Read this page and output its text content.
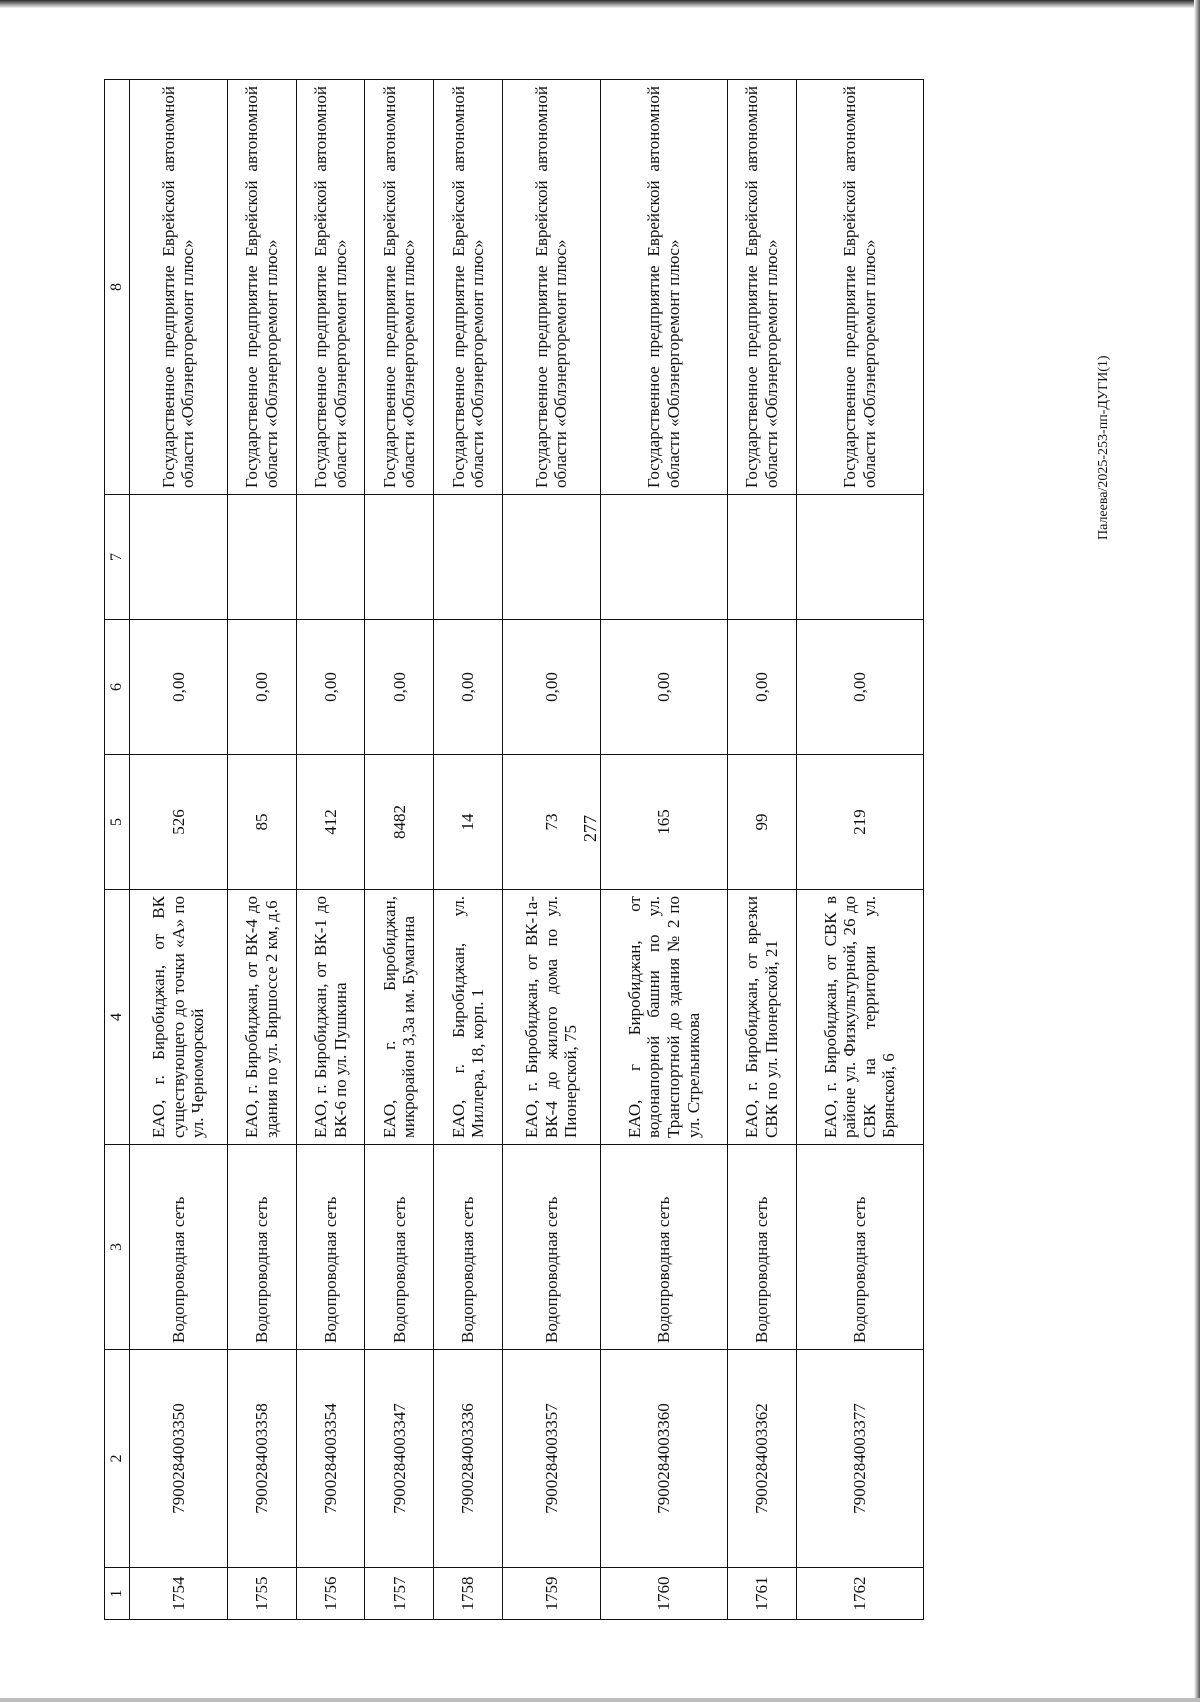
277
Палеева/2025-253-пп-ДУГИ(1)
1	2	3	4	5	6	7	8
1754	7900284003350	Водопроводная сеть	ЕАО, г. Биробиджан, от ВК существующего до точки «А» по ул. Черноморской	526	0,00		Государственное предприятие Еврейской автономной области «Облэнергоремонт плюс»
1755	7900284003358	Водопроводная сеть	ЕАО, г. Биробиджан, от ВК-4 до здания по ул. Биршоссе 2 км, д.6	85	0,00		Государственное предприятие Еврейской автономной области «Облэнергоремонт плюс»
1756	7900284003354	Водопроводная сеть	ЕАО, г. Биробиджан, от ВК-1 до ВК-6 по ул. Пушкина	412	0,00		Государственное предприятие Еврейской автономной области «Облэнергоремонт плюс»
1757	7900284003347	Водопроводная сеть	ЕАО, г. Биробиджан, микрорайон 3,3а им. Бумагина	8482	0,00		Государственное предприятие Еврейской автономной области «Облэнергоремонт плюс»
1758	7900284003336	Водопроводная сеть	ЕАО, г. Биробиджан, ул. Миллера, 18, корп. 1	14	0,00		Государственное предприятие Еврейской автономной области «Облэнергоремонт плюс»
1759	7900284003357	Водопроводная сеть	ЕАО, г. Биробиджан, от ВК-1а-ВК-4 до жилого дома по ул. Пионерской, 75	73	0,00		Государственное предприятие Еврейской автономной области «Облэнергоремонт плюс»
1760	7900284003360	Водопроводная сеть	ЕАО, г Биробиджан, от водонапорной башни по ул. Транспортной до здания № 2 по ул. Стрельникова	165	0,00		Государственное предприятие Еврейской автономной области «Облэнергоремонт плюс»
1761	7900284003362	Водопроводная сеть	ЕАО, г. Биробиджан, от врезки СВК по ул. Пионерской, 21	99	0,00		Государственное предприятие Еврейской автономной области «Облэнергоремонт плюс»
1762	7900284003377	Водопроводная сеть	ЕАО, г. Биробиджан, от СВК в районе ул. Физкультурной, 26 до СВК на территории ул. Брянской, 6	219	0,00		Государственное предприятие Еврейской автономной области «Облэнергоремонт плюс»
